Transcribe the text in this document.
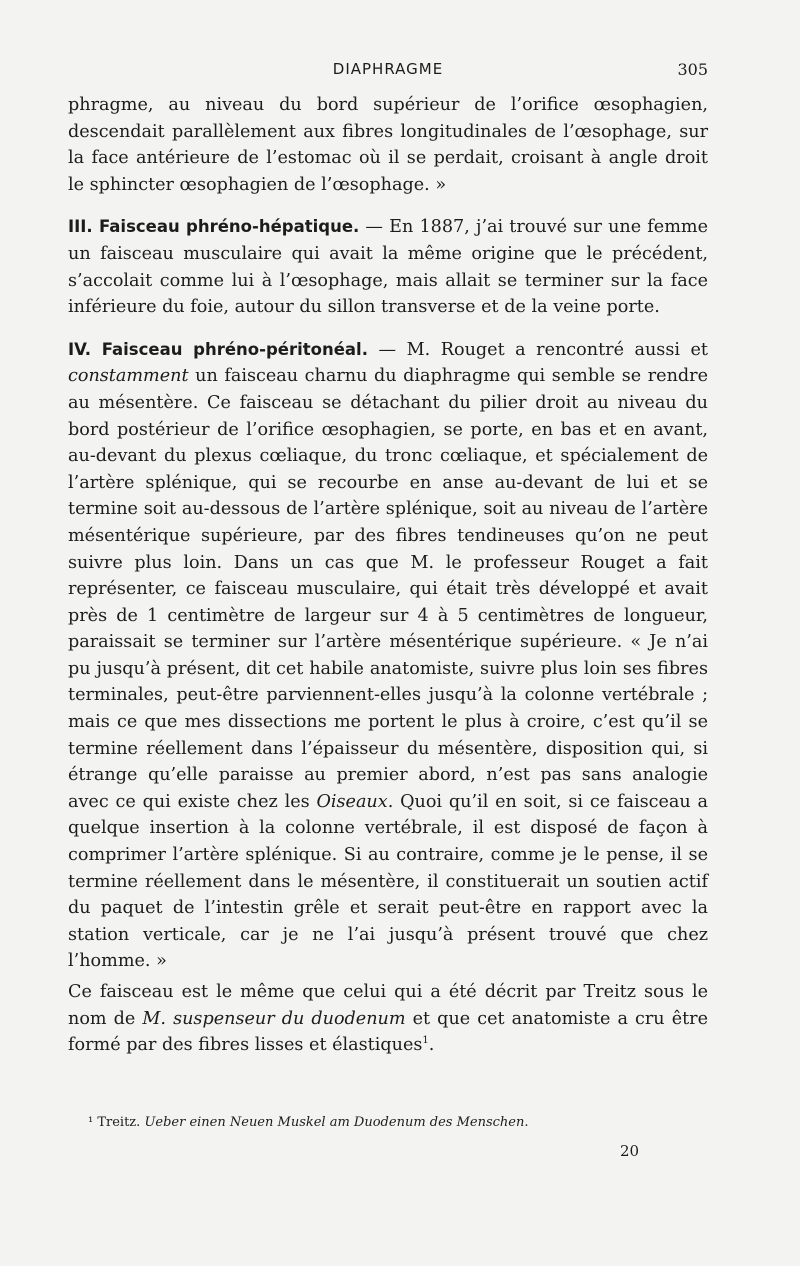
DIAPHRAGME	305

phragme, au niveau du bord supérieur de l’orifice œsophagien, descendait parallèlement aux fibres longitudinales de l’œsophage, sur la face antérieure de l’estomac où il se perdait, croisant à angle droit le sphincter œsophagien de l’œsophage. »

III. Faisceau phréno-hépatique. — En 1887, j’ai trouvé sur une femme un faisceau musculaire qui avait la même origine que le précédent, s’accolait comme lui à l’œsophage, mais allait se terminer sur la face inférieure du foie, autour du sillon transverse et de la veine porte.

IV. Faisceau phréno-péritonéal. — M. Rouget a rencontré aussi et constamment un faisceau charnu du diaphragme qui semble se rendre au mésentère. Ce faisceau se détachant du pilier droit au niveau du bord postérieur de l’orifice œsophagien, se porte, en bas et en avant, au-devant du plexus cœliaque, du tronc cœliaque, et spécialement de l’artère splénique, qui se recourbe en anse au-devant de lui et se termine soit au-dessous de l’artère splénique, soit au niveau de l’artère mésentérique supérieure, par des fibres tendineuses qu’on ne peut suivre plus loin. Dans un cas que M. le professeur Rouget a fait représenter, ce faisceau musculaire, qui était très développé et avait près de 1 centimètre de largeur sur 4 à 5 centimètres de longueur, paraissait se terminer sur l’artère mésentérique supérieure. « Je n’ai pu jusqu’à présent, dit cet habile anatomiste, suivre plus loin ses fibres terminales, peut-être parviennent-elles jusqu’à la colonne vertébrale ; mais ce que mes dissections me portent le plus à croire, c’est qu’il se termine réellement dans l’épaisseur du mésentère, disposition qui, si étrange qu’elle paraisse au premier abord, n’est pas sans analogie avec ce qui existe chez les Oiseaux. Quoi qu’il en soit, si ce faisceau a quelque insertion à la colonne vertébrale, il est disposé de façon à comprimer l’artère splénique. Si au contraire, comme je le pense, il se termine réellement dans le mésentère, il constituerait un soutien actif du paquet de l’intestin grêle et serait peut-être en rapport avec la station verticale, car je ne l’ai jusqu’à présent trouvé que chez l’homme. »

Ce faisceau est le même que celui qui a été décrit par Treitz sous le nom de M. suspenseur du duodenum et que cet anatomiste a cru être formé par des fibres lisses et élastiques$^1$.

¹ Treitz. Ueber einen Neuen Muskel am Duodenum des Menschen.
20
